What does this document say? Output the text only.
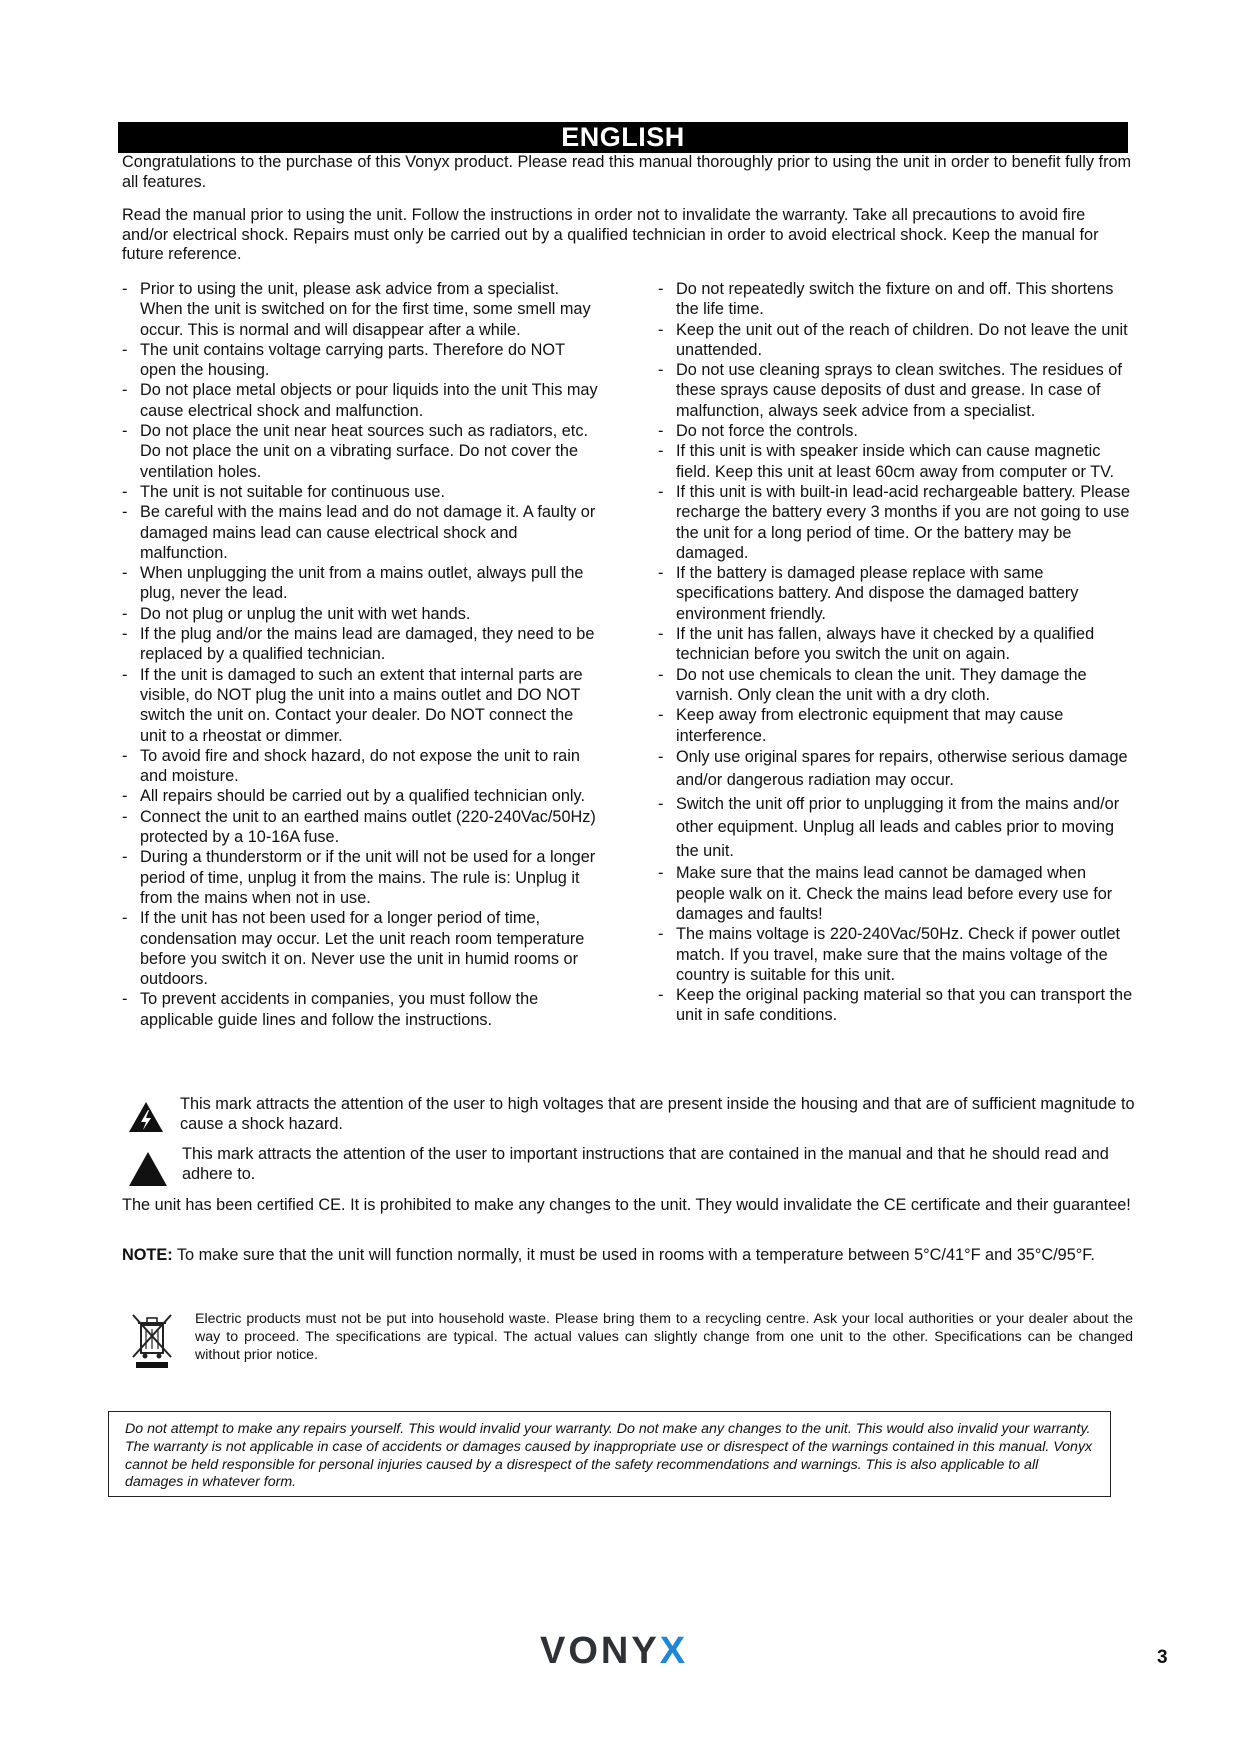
ENGLISH

Congratulations to the purchase of this Vonyx product. Please read this manual thoroughly prior to using the unit in order to benefit fully from all features.

Read the manual prior to using the unit. Follow the instructions in order not to invalidate the warranty. Take all precautions to avoid fire and/or electrical shock. Repairs must only be carried out by a qualified technician in order to avoid electrical shock. Keep the manual for future reference.

- Prior to using the unit, please ask advice from a specialist. When the unit is switched on for the first time, some smell may occur. This is normal and will disappear after a while.
- The unit contains voltage carrying parts. Therefore do NOT open the housing.
- Do not place metal objects or pour liquids into the unit This may cause electrical shock and malfunction.
- Do not place the unit near heat sources such as radiators, etc. Do not place the unit on a vibrating surface. Do not cover the ventilation holes.
- The unit is not suitable for continuous use.
- Be careful with the mains lead and do not damage it. A faulty or damaged mains lead can cause electrical shock and malfunction.
- When unplugging the unit from a mains outlet, always pull the plug, never the lead.
- Do not plug or unplug the unit with wet hands.
- If the plug and/or the mains lead are damaged, they need to be replaced by a qualified technician.
- If the unit is damaged to such an extent that internal parts are visible, do NOT plug the unit into a mains outlet and DO NOT switch the unit on. Contact your dealer. Do NOT connect the unit to a rheostat or dimmer.
- To avoid fire and shock hazard, do not expose the unit to rain and moisture.
- All repairs should be carried out by a qualified technician only.
- Connect the unit to an earthed mains outlet (220-240Vac/50Hz) protected by a 10-16A fuse.
- During a thunderstorm or if the unit will not be used for a longer period of time, unplug it from the mains. The rule is: Unplug it from the mains when not in use.
- If the unit has not been used for a longer period of time, condensation may occur. Let the unit reach room temperature before you switch it on. Never use the unit in humid rooms or outdoors.
- To prevent accidents in companies, you must follow the applicable guide lines and follow the instructions.
- Do not repeatedly switch the fixture on and off. This shortens the life time.
- Keep the unit out of the reach of children. Do not leave the unit unattended.
- Do not use cleaning sprays to clean switches. The residues of these sprays cause deposits of dust and grease. In case of malfunction, always seek advice from a specialist.
- Do not force the controls.
- If this unit is with speaker inside which can cause magnetic field. Keep this unit at least 60cm away from computer or TV.
- If this unit is with built-in lead-acid rechargeable battery. Please recharge the battery every 3 months if you are not going to use the unit for a long period of time. Or the battery may be damaged.
- If the battery is damaged please replace with same specifications battery. And dispose the damaged battery environment friendly.
- If the unit has fallen, always have it checked by a qualified technician before you switch the unit on again.
- Do not use chemicals to clean the unit. They damage the varnish. Only clean the unit with a dry cloth.
- Keep away from electronic equipment that may cause interference.
- Only use original spares for repairs, otherwise serious damage and/or dangerous radiation may occur.
- Switch the unit off prior to unplugging it from the mains and/or other equipment. Unplug all leads and cables prior to moving the unit.
- Make sure that the mains lead cannot be damaged when people walk on it. Check the mains lead before every use for damages and faults!
- The mains voltage is 220-240Vac/50Hz. Check if power outlet match. If you travel, make sure that the mains voltage of the country is suitable for this unit.
- Keep the original packing material so that you can transport the unit in safe conditions.

This mark attracts the attention of the user to high voltages that are present inside the housing and that are of sufficient magnitude to cause a shock hazard.

This mark attracts the attention of the user to important instructions that are contained in the manual and that he should read and adhere to.

The unit has been certified CE. It is prohibited to make any changes to the unit. They would invalidate the CE certificate and their guarantee!

NOTE: To make sure that the unit will function normally, it must be used in rooms with a temperature between 5°C/41°F and 35°C/95°F.

Electric products must not be put into household waste. Please bring them to a recycling centre. Ask your local authorities or your dealer about the way to proceed. The specifications are typical. The actual values can slightly change from one unit to the other. Specifications can be changed without prior notice.

Do not attempt to make any repairs yourself. This would invalid your warranty. Do not make any changes to the unit. This would also invalid your warranty. The warranty is not applicable in case of accidents or damages caused by inappropriate use or disrespect of the warnings contained in this manual. Vonyx cannot be held responsible for personal injuries caused by a disrespect of the safety recommendations and warnings. This is also applicable to all damages in whatever form.

VONYX	3
